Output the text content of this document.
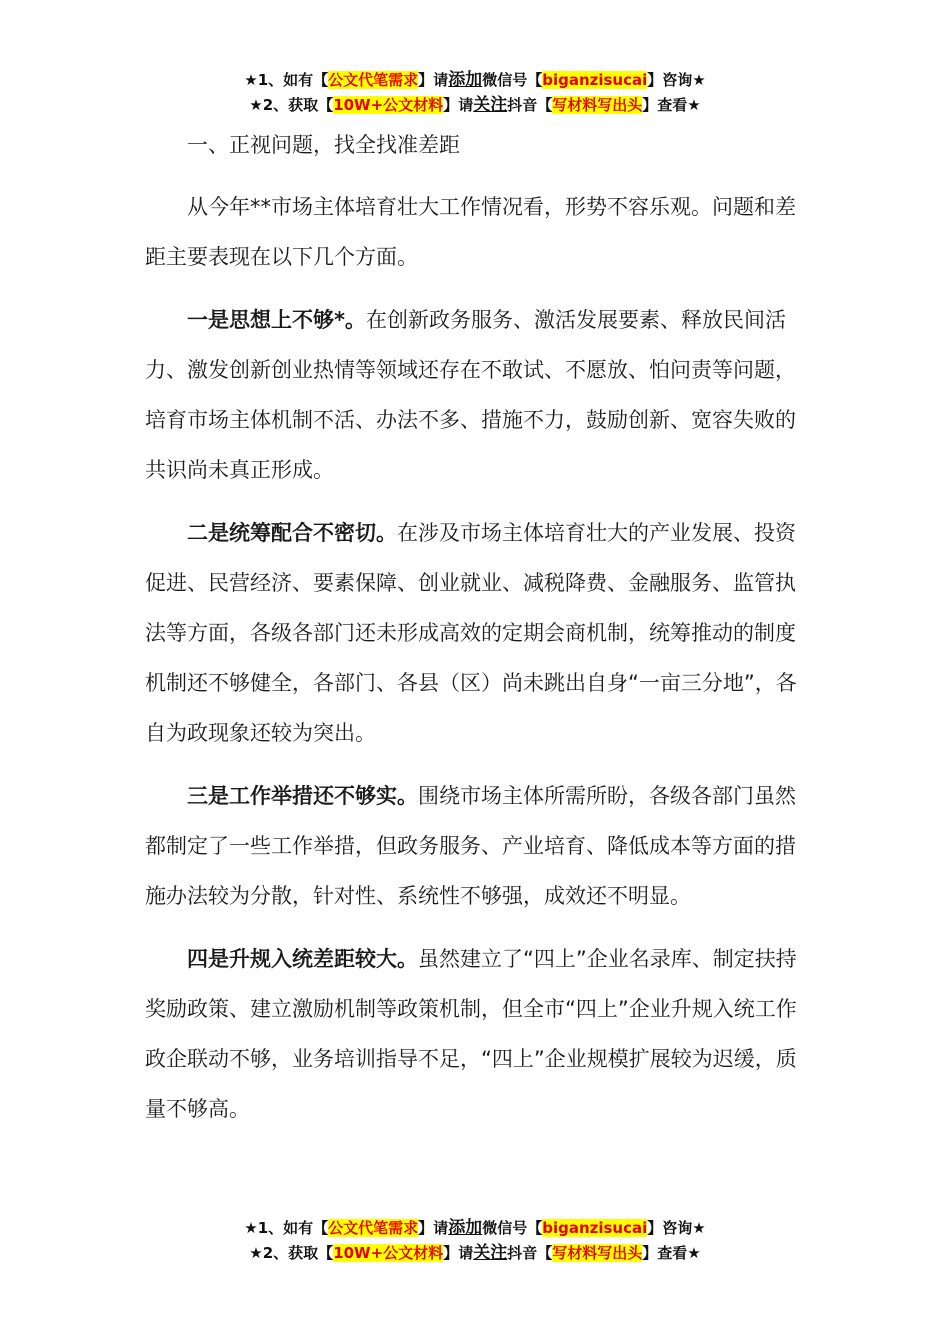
★1、如有【公文代笔需求】请添加微信号【biganzisucai】咨询★
★2、获取【10W+公文材料】请关注抖音【写材料写出头】查看★

一、正视问题，找全找准差距

从今年**市场主体培育壮大工作情况看，形势不容乐观。问题和差距主要表现在以下几个方面。

一是思想上不够*。在创新政务服务、激活发展要素、释放民间活力、激发创新创业热情等领域还存在不敢试、不愿放、怕问责等问题，培育市场主体机制不活、办法不多、措施不力，鼓励创新、宽容失败的共识尚未真正形成。

二是统筹配合不密切。在涉及市场主体培育壮大的产业发展、投资促进、民营经济、要素保障、创业就业、减税降费、金融服务、监管执法等方面，各级各部门还未形成高效的定期会商机制，统筹推动的制度机制还不够健全，各部门、各县（区）尚未跳出自身“一亩三分地”，各自为政现象还较为突出。

三是工作举措还不够实。围绕市场主体所需所盼，各级各部门虽然都制定了一些工作举措，但政务服务、产业培育、降低成本等方面的措施办法较为分散，针对性、系统性不够强，成效还不明显。

四是升规入统差距较大。虽然建立了“四上”企业名录库、制定扶持奖励政策、建立激励机制等政策机制，但全市“四上”企业升规入统工作政企联动不够，业务培训指导不足，“四上”企业规模扩展较为迟缓，质量不够高。

★1、如有【公文代笔需求】请添加微信号【biganzisucai】咨询★
★2、获取【10W+公文材料】请关注抖音【写材料写出头】查看★
